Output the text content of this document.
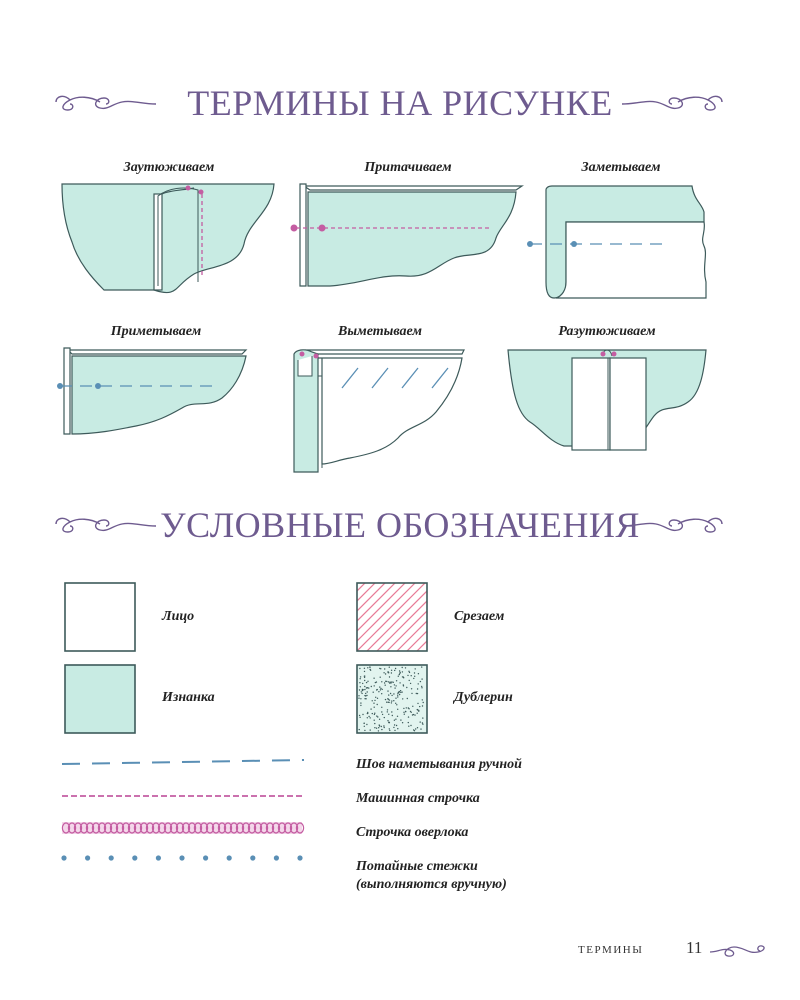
ТЕРМИНЫ НА РИСУНКЕ
Заутюживаем	Притачиваем	Заметываем
Приметываем	Выметываем	Разутюживаем
УСЛОВНЫЕ ОБОЗНАЧЕНИЯ
Лицо
Изнанка
Срезаем
Дублерин
Шов наметывания ручной
Машинная строчка
Строчка оверлока
Потайные стежки
(выполняются вручную)
ТЕРМИНЫ	11
